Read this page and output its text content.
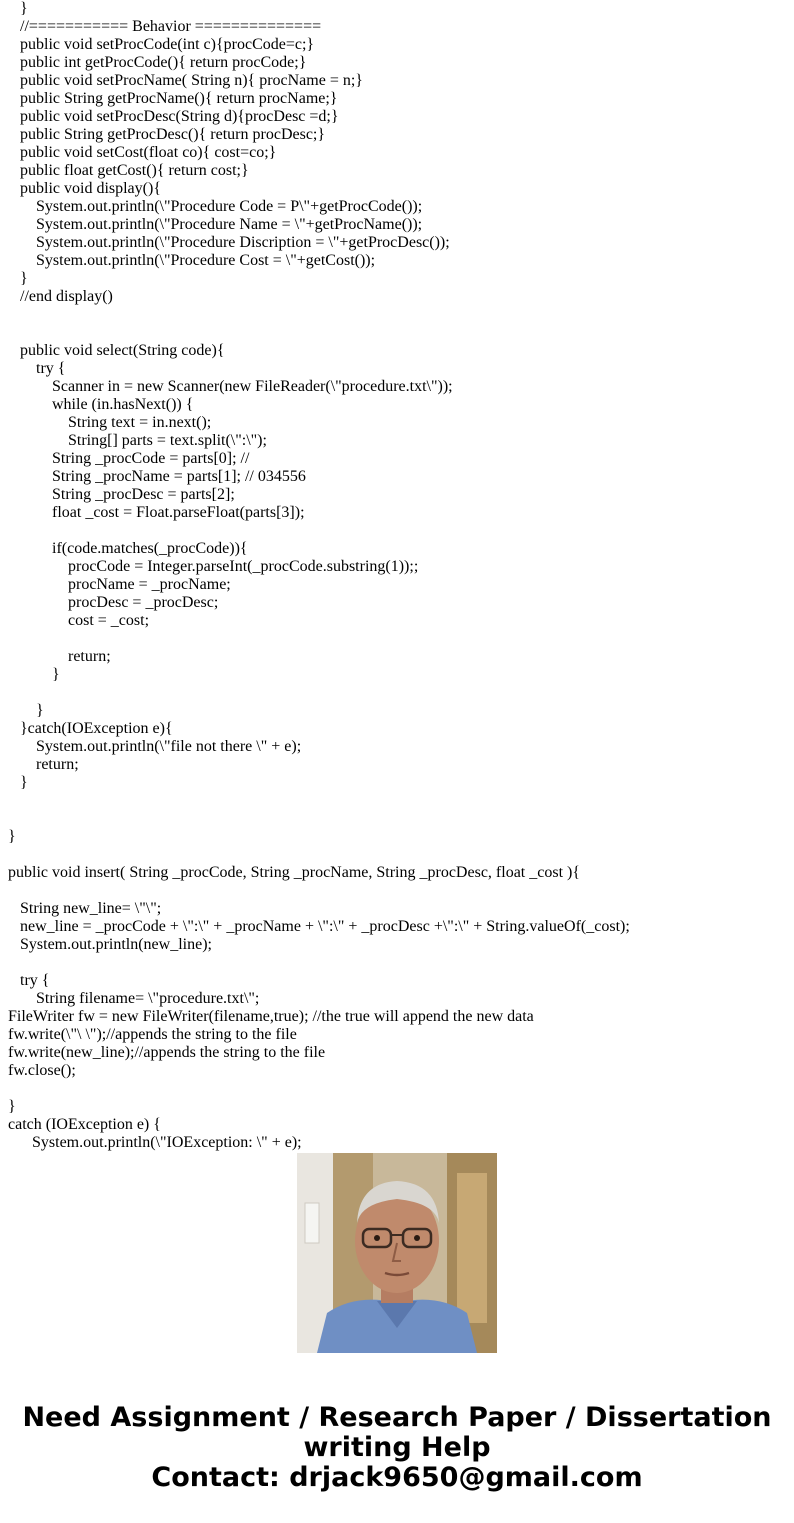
}
//=========== Behavior ==============
public void setProcCode(int c){procCode=c;}
public int getProcCode(){ return procCode;}
public void setProcName( String n){ procName = n;}
public String getProcName(){ return procName;}
public void setProcDesc(String d){procDesc =d;}
public String getProcDesc(){ return procDesc;}
public void setCost(float co){ cost=co;}
public float getCost(){ return cost;}
public void display(){
System.out.println(\"Procedure Code = P\"+getProcCode());
System.out.println(\"Procedure Name = \"+getProcName());
System.out.println(\"Procedure Discription = \"+getProcDesc());
System.out.println(\"Procedure Cost = \"+getCost());
}
//end display()
public void select(String code){
try {
Scanner in = new Scanner(new FileReader(\"procedure.txt\"));
while (in.hasNext()) {
String text = in.next();
String[] parts = text.split(\":\");
String _procCode = parts[0]; //
String _procName = parts[1]; // 034556
String _procDesc = parts[2];
float _cost = Float.parseFloat(parts[3]);
if(code.matches(_procCode)){
procCode = Integer.parseInt(_procCode.substring(1));;
procName = _procName;
procDesc = _procDesc;
cost = _cost;
return;
}
}
}catch(IOException e){
System.out.println(\"file not there \" + e);
return;
}
}
public void insert( String _procCode, String _procName, String _procDesc, float _cost ){
String new_line= \"\";
new_line = _procCode + \":\" + _procName + \":\" + _procDesc +\":\" + String.valueOf(_cost);
System.out.println(new_line);
try {
String filename= \"procedure.txt\";
FileWriter fw = new FileWriter(filename,true); //the true will append the new data
fw.write(\"\ \");//appends the string to the file
fw.write(new_line);//appends the string to the file
fw.close();
}
catch (IOException e) {
System.out.println(\"IOException: \" + e);
Need Assignment / Research Paper / Dissertation
writing Help
Contact: drjack9650@gmail.com
